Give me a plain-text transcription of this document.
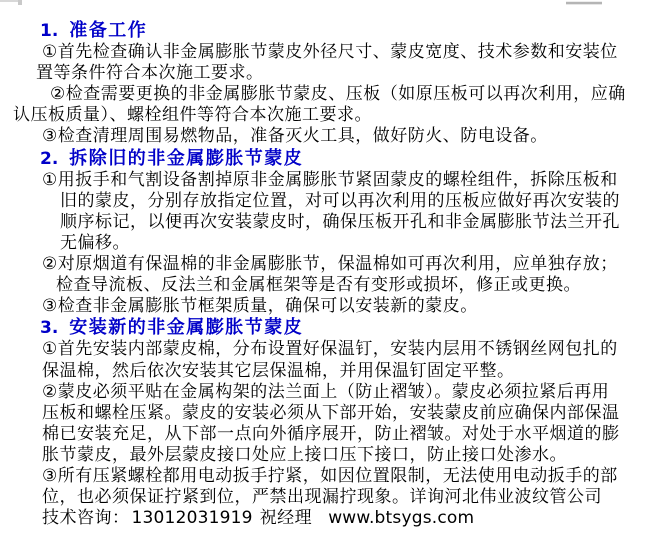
1. 准备工作
①首先检查确认非金属膨胀节蒙皮外径尺寸、蒙皮宽度、技术参数和安装位
置等条件符合本次施工要求。
②检查需要更换的非金属膨胀节蒙皮、压板（如原压板可以再次利用，应确
认压板质量）、螺栓组件等符合本次施工要求。
③检查清理周围易燃物品，准备灭火工具，做好防火、防电设备。
2. 拆除旧的非金属膨胀节蒙皮
①用扳手和气割设备割掉原非金属膨胀节紧固蒙皮的螺栓组件，拆除压板和
旧的蒙皮，分别存放指定位置，对可以再次利用的压板应做好再次安装的
顺序标记，以便再次安装蒙皮时，确保压板开孔和非金属膨胀节法兰开孔
无偏移。
②对原烟道有保温棉的非金属膨胀节，保温棉如可再次利用，应单独存放；
检查导流板、反法兰和金属框架等是否有变形或损坏，修正或更换。
③检查非金属膨胀节框架质量，确保可以安装新的蒙皮。
3. 安装新的非金属膨胀节蒙皮
①首先安装内部蒙皮棉，分布设置好保温钉，安装内层用不锈钢丝网包扎的
保温棉，然后依次安装其它层保温棉，并用保温钉固定平整。
②蒙皮必须平贴在金属构架的法兰面上（防止褶皱）。蒙皮必须拉紧后再用
压板和螺栓压紧。蒙皮的安装必须从下部开始，安装蒙皮前应确保内部保温
棉已安装充足，从下部一点向外循序展开，防止褶皱。对处于水平烟道的膨
胀节蒙皮，最外层蒙皮接口处应上接口压下接口，防止接口处渗水。
③所有压紧螺栓都用电动扳手拧紧，如因位置限制，无法使用电动扳手的部
位，也必须保证拧紧到位，严禁出现漏拧现象。详询河北伟业波纹管公司
技术咨询： 13012031919 祝经理 www.btsygs.com
